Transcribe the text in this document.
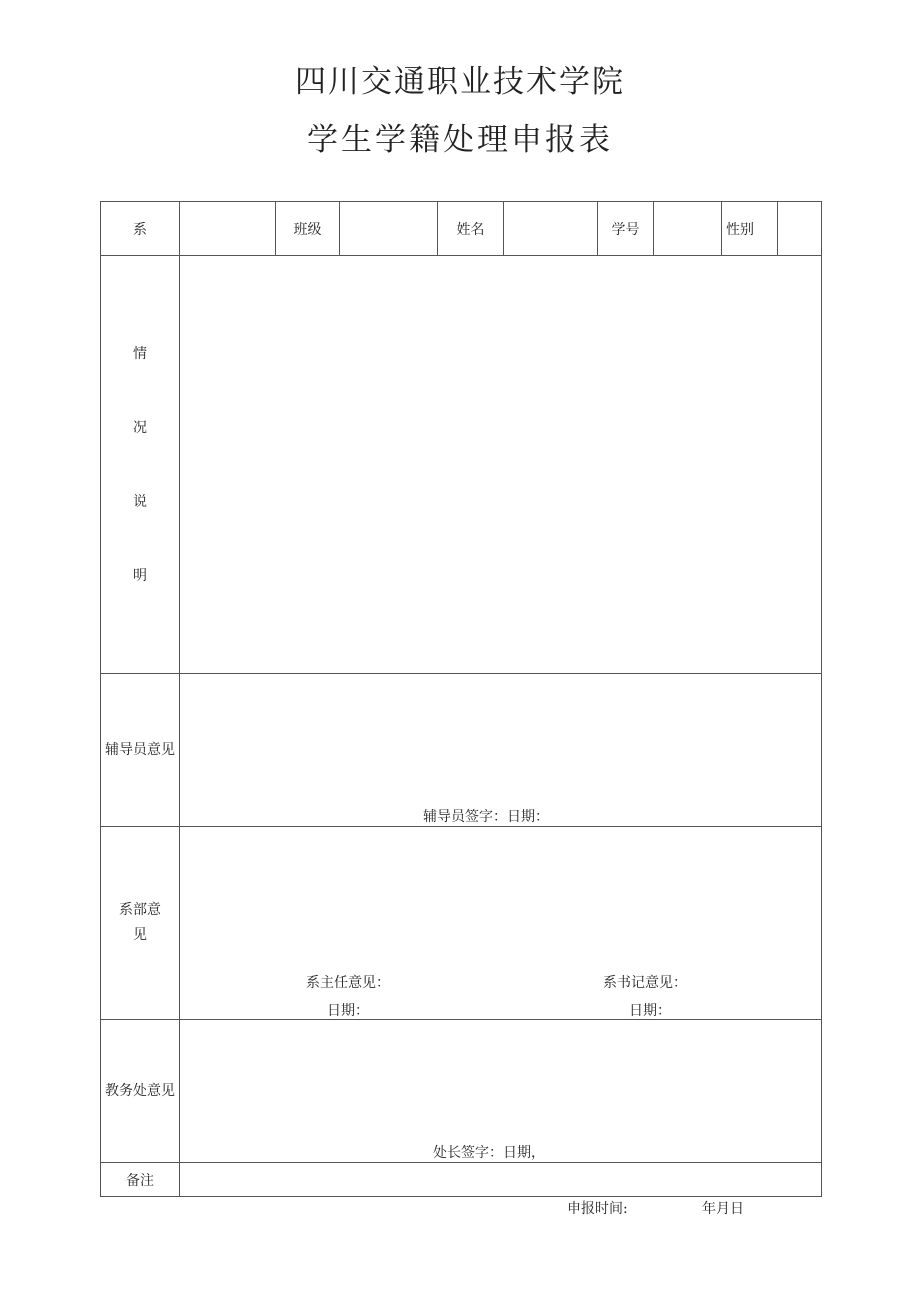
四川交通职业技术学院
学生学籍处理申报表
系		班级		姓名		学号		性别	

情
况
说
明									

辅导员意见	辅导员签字：日期：								

系部意见	系主任意见：
日期：
系书记意见：
日期：								

教务处意见	处长签字：日期，								

备注									
申报时间:	年月日
